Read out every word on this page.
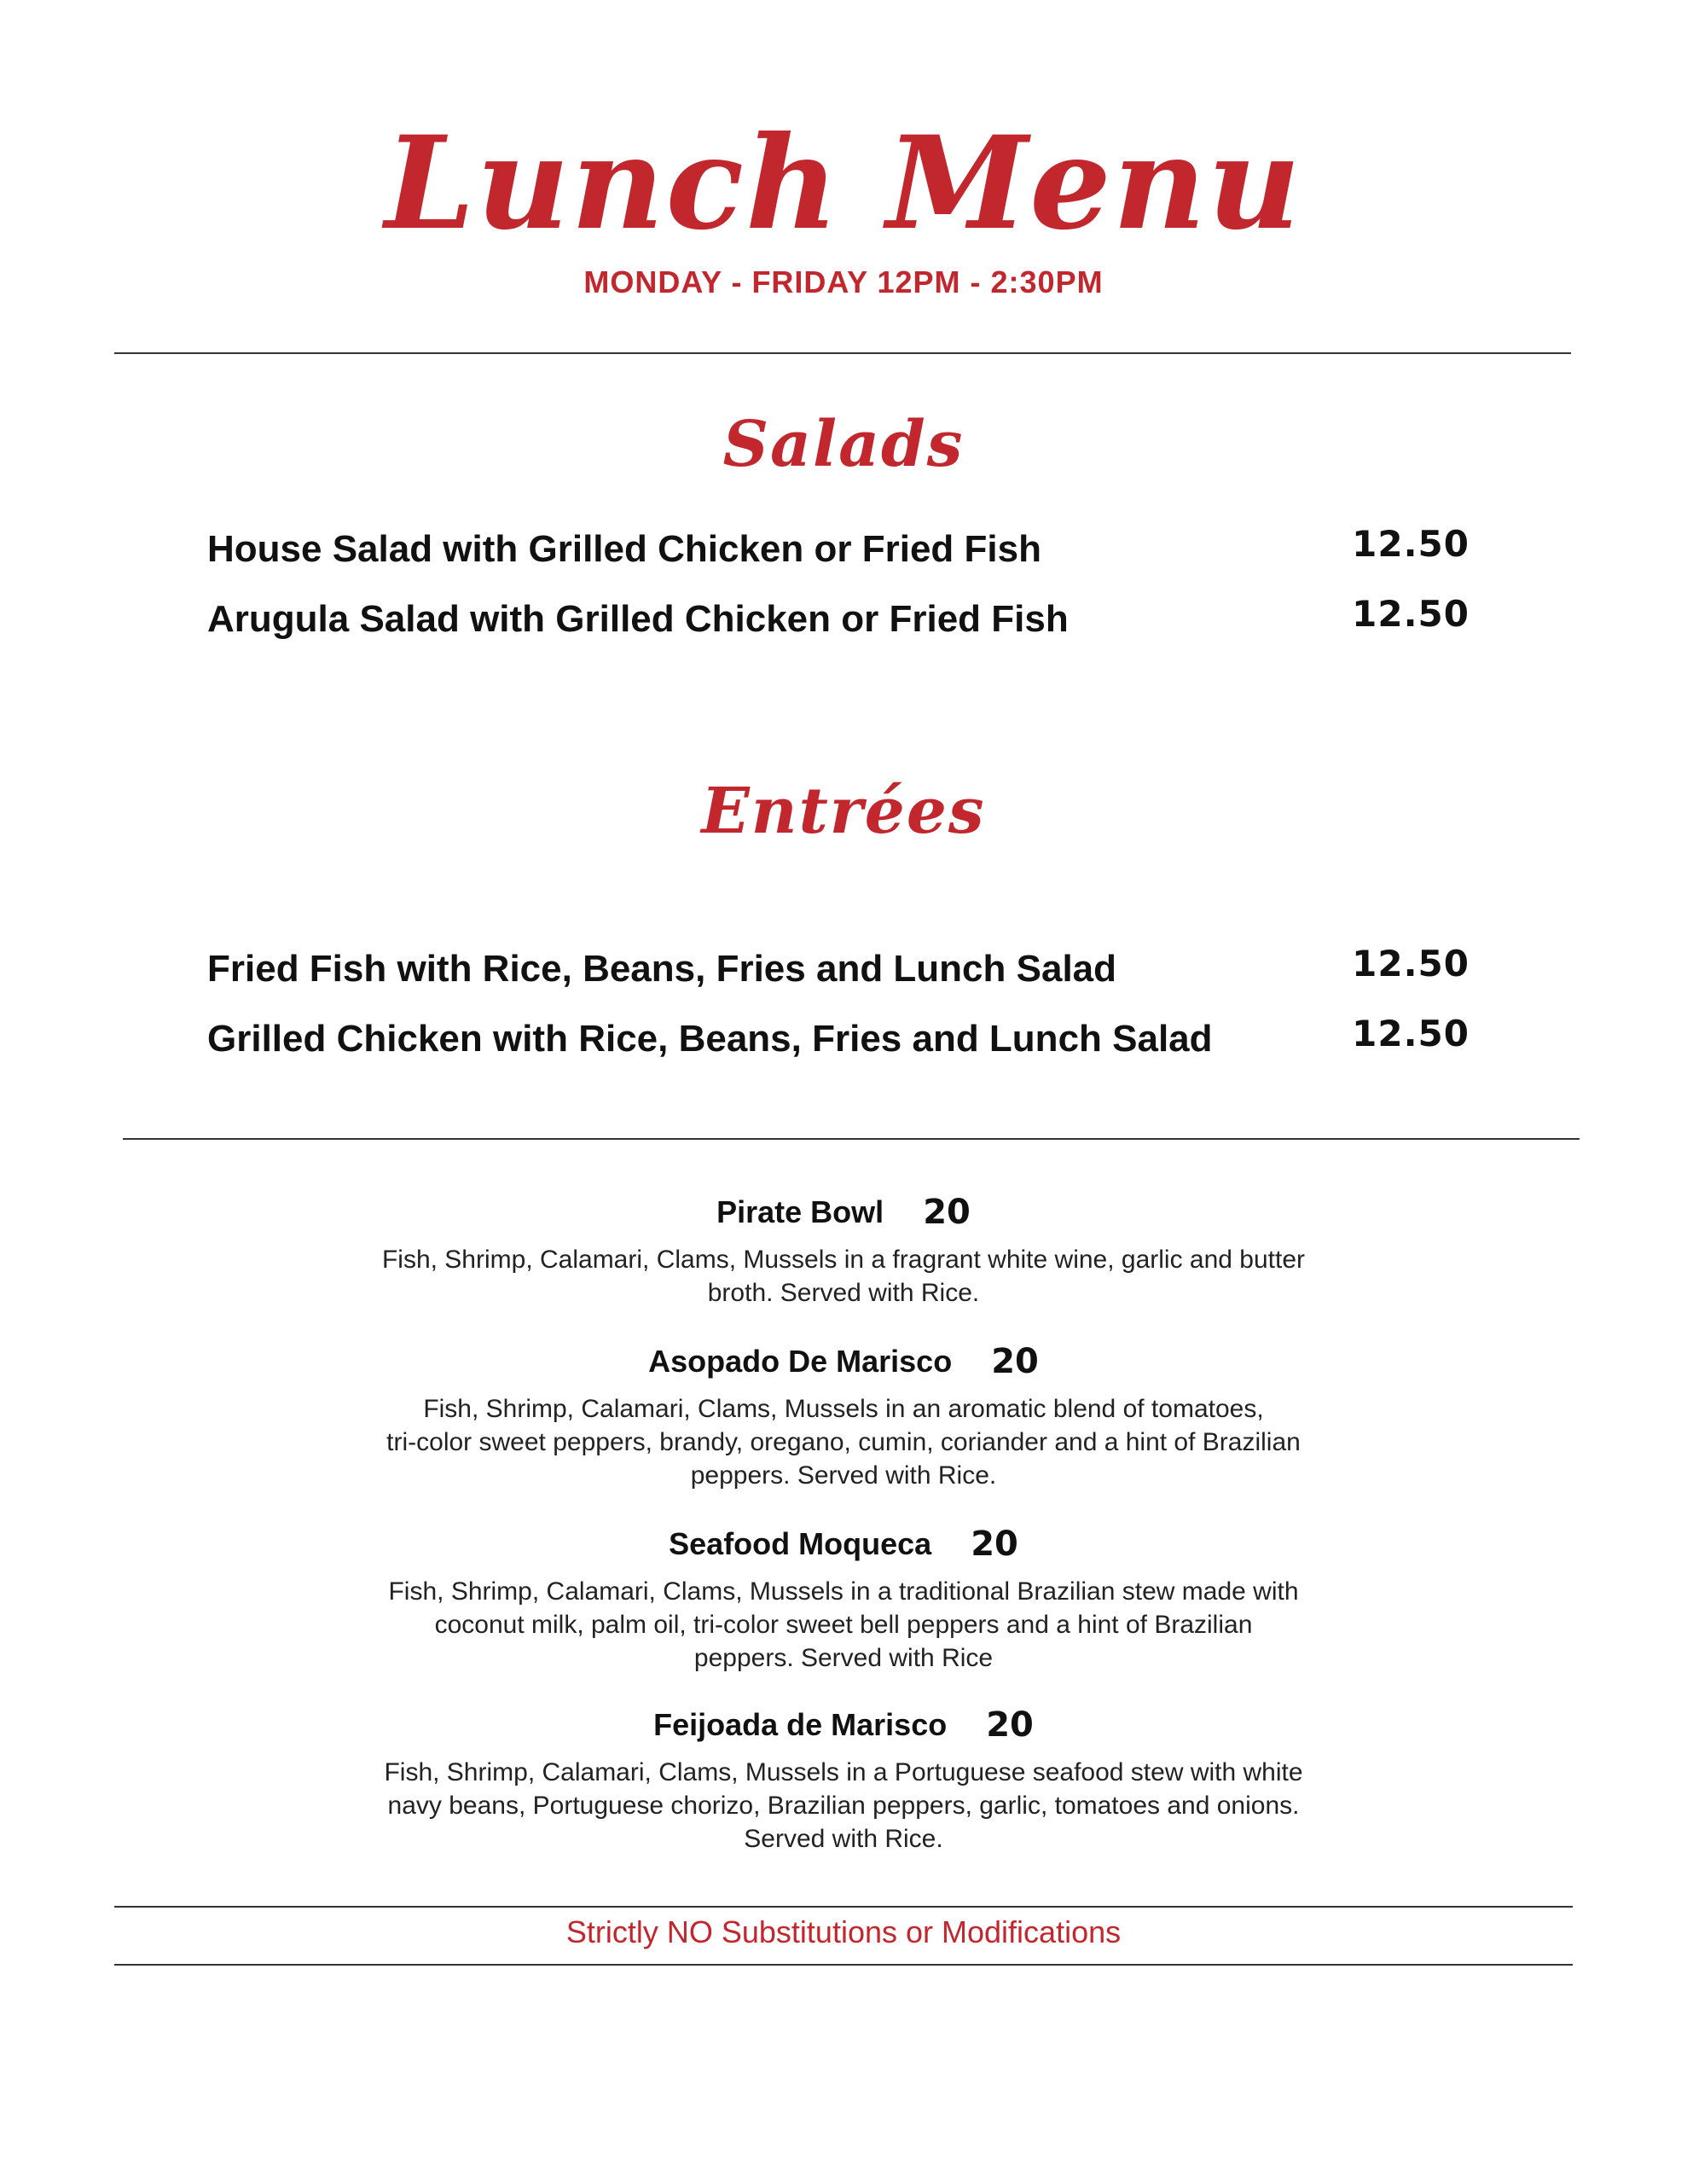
Lunch Menu
MONDAY - FRIDAY 12PM - 2:30PM
Salads
House Salad with Grilled Chicken or Fried Fish	12.50
Arugula Salad with Grilled Chicken or Fried Fish	12.50
Entrées
Fried Fish with Rice, Beans, Fries and Lunch Salad	12.50
Grilled Chicken with Rice, Beans, Fries and Lunch Salad	12.50
Pirate Bowl 20
Fish, Shrimp, Calamari, Clams, Mussels in a fragrant white wine, garlic and butter
broth. Served with Rice.
Asopado De Marisco 20
Fish, Shrimp, Calamari, Clams, Mussels in an aromatic blend of tomatoes,
tri-color sweet peppers, brandy, oregano, cumin, coriander and a hint of Brazilian
peppers. Served with Rice.
Seafood Moqueca 20
Fish, Shrimp, Calamari, Clams, Mussels in a traditional Brazilian stew made with
coconut milk, palm oil, tri-color sweet bell peppers and a hint of Brazilian
peppers. Served with Rice
Feijoada de Marisco 20
Fish, Shrimp, Calamari, Clams, Mussels in a Portuguese seafood stew with white
navy beans, Portuguese chorizo, Brazilian peppers, garlic, tomatoes and onions.
Served with Rice.
Strictly NO Substitutions or Modifications
